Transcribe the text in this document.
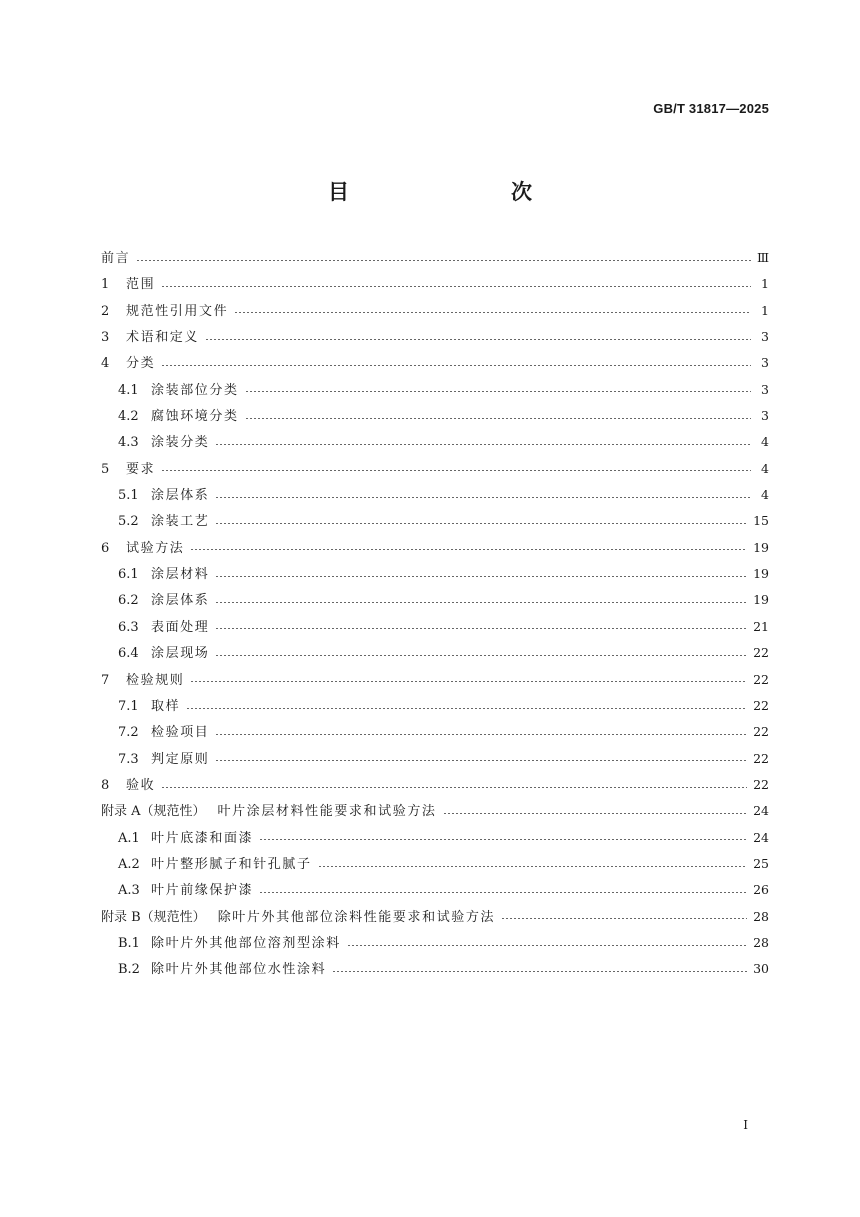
GB/T 31817—2025
目　　次
前言	Ⅲ
1	范围	1
2	规范性引用文件	1
3	术语和定义	3
4	分类	3
4.1 涂装部位分类	3
4.2 腐蚀环境分类	3
4.3 涂装分类	4
5	要求	4
5.1 涂层体系	4
5.2 涂装工艺	15
6	试验方法	19
6.1 涂层材料	19
6.2 涂层体系	19
6.3 表面处理	21
6.4 涂层现场	22
7	检验规则	22
7.1 取样	22
7.2 检验项目	22
7.3 判定原则	22
8	验收	22
附录 A（规范性） 叶片涂层材料性能要求和试验方法	24
A.1 叶片底漆和面漆	24
A.2 叶片整形腻子和针孔腻子	25
A.3 叶片前缘保护漆	26
附录 B（规范性） 除叶片外其他部位涂料性能要求和试验方法	28
B.1 除叶片外其他部位溶剂型涂料	28
B.2 除叶片外其他部位水性涂料	30
I
